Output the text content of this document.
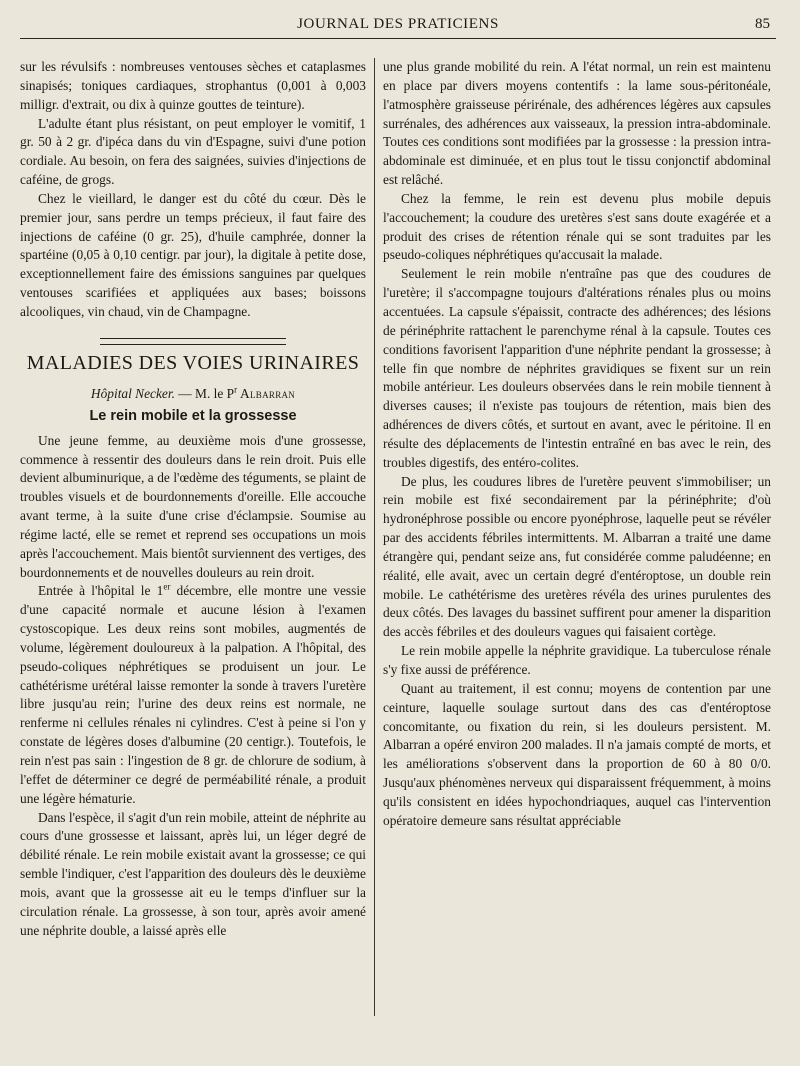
JOURNAL DES PRATICIENS	85

sur les révulsifs : nombreuses ventouses sèches et cataplasmes sinapisés; toniques cardiaques, strophantus (0,001 à 0,003 milligr. d'extrait, ou dix à quinze gouttes de teinture).

L'adulte étant plus résistant, on peut employer le vomitif, 1 gr. 50 à 2 gr. d'ipéca dans du vin d'Espagne, suivi d'une potion cordiale. Au besoin, on fera des saignées, suivies d'injections de caféine, de grogs.

Chez le vieillard, le danger est du côté du cœur. Dès le premier jour, sans perdre un temps précieux, il faut faire des injections de caféine (0 gr. 25), d'huile camphrée, donner la spartéine (0,05 à 0,10 centigr. par jour), la digitale à petite dose, exceptionnellement faire des émissions sanguines par quelques ventouses scarifiées et appliquées aux bases; boissons alcooliques, vin chaud, vin de Champagne.

MALADIES DES VOIES URINAIRES
Hôpital Necker. — M. le $P^r$ Albarran
Le rein mobile et la grossesse

Une jeune femme, au deuxième mois d'une grossesse, commence à ressentir des douleurs dans le rein droit. Puis elle devient albuminurique, a de l'œdème des téguments, se plaint de troubles visuels et de bourdonnements d'oreille. Elle accouche avant terme, à la suite d'une crise d'éclampsie. Soumise au régime lacté, elle se remet et reprend ses occupations un mois après l'accouchement. Mais bientôt surviennent des vertiges, des bourdonnements et de nouvelles douleurs au rein droit.

Entrée à l'hôpital le 1er décembre, elle montre une vessie d'une capacité normale et aucune lésion à l'examen cystoscopique. Les deux reins sont mobiles, augmentés de volume, légèrement douloureux à la palpation. A l'hôpital, des pseudo-coliques néphrétiques se produisent un jour. Le cathétérisme urétéral laisse remonter la sonde à travers l'uretère libre jusqu'au rein; l'urine des deux reins est normale, ne renferme ni cellules rénales ni cylindres. C'est à peine si l'on y constate de légères doses d'albumine (20 centigr.). Toutefois, le rein n'est pas sain : l'ingestion de 8 gr. de chlorure de sodium, à l'effet de déterminer ce degré de perméabilité rénale, a produit une légère hématurie.

Dans l'espèce, il s'agit d'un rein mobile, atteint de néphrite au cours d'une grossesse et laissant, après lui, un léger degré de débilité rénale. Le rein mobile existait avant la grossesse; ce qui semble l'indiquer, c'est l'apparition des douleurs dès le deuxième mois, avant que la grossesse ait eu le temps d'influer sur la circulation rénale. La grossesse, à son tour, après avoir amené une néphrite double, a laissé après elle

une plus grande mobilité du rein. A l'état normal, un rein est maintenu en place par divers moyens contentifs : la lame sous-péritonéale, l'atmosphère graisseuse périrénale, des adhérences légères aux capsules surrénales, des adhérences aux vaisseaux, la pression intra-abdominale. Toutes ces conditions sont modifiées par la grossesse : la pression intra-abdominale est diminuée, et en plus tout le tissu conjonctif abdominal est relâché.

Chez la femme, le rein est devenu plus mobile depuis l'accouchement; la coudure des uretères s'est sans doute exagérée et a produit des crises de rétention rénale qui se sont traduites par les pseudo-coliques néphrétiques qu'accusait la malade.

Seulement le rein mobile n'entraîne pas que des coudures de l'uretère; il s'accompagne toujours d'altérations rénales plus ou moins accentuées. La capsule s'épaissit, contracte des adhérences; des lésions de périnéphrite rattachent le parenchyme rénal à la capsule. Toutes ces conditions favorisent l'apparition d'une néphrite pendant la grossesse; à telle fin que nombre de néphrites gravidiques se fixent sur un rein mobile antérieur. Les douleurs observées dans le rein mobile tiennent à diverses causes; il n'existe pas toujours de rétention, mais bien des adhérences de divers côtés, et surtout en avant, avec le péritoine. Il en résulte des déplacements de l'intestin entraîné en bas avec le rein, des troubles digestifs, des entéro-colites.

De plus, les coudures libres de l'uretère peuvent s'immobiliser; un rein mobile est fixé secondairement par la périnéphrite; d'où hydronéphrose possible ou encore pyonéphrose, laquelle peut se révéler par des accidents fébriles intermittents. M. Albarran a traité une dame étrangère qui, pendant seize ans, fut considérée comme paludéenne; en réalité, elle avait, avec un certain degré d'entéroptose, un double rein mobile. Le cathétérisme des uretères révéla des urines purulentes des deux côtés. Des lavages du bassinet suffirent pour amener la disparition des accès fébriles et des douleurs vagues qui faisaient cortège.

Le rein mobile appelle la néphrite gravidique. La tuberculose rénale s'y fixe aussi de préférence.

Quant au traitement, il est connu; moyens de contention par une ceinture, laquelle soulage surtout dans des cas d'entéroptose concomitante, ou fixation du rein, si les douleurs persistent. M. Albarran a opéré environ 200 malades. Il n'a jamais compté de morts, et les améliorations s'observent dans la proportion de 60 à 80 0/0. Jusqu'aux phénomènes nerveux qui disparaissent fréquemment, à moins qu'ils consistent en idées hypochondriaques, auquel cas l'intervention opératoire demeure sans résultat appréciable
